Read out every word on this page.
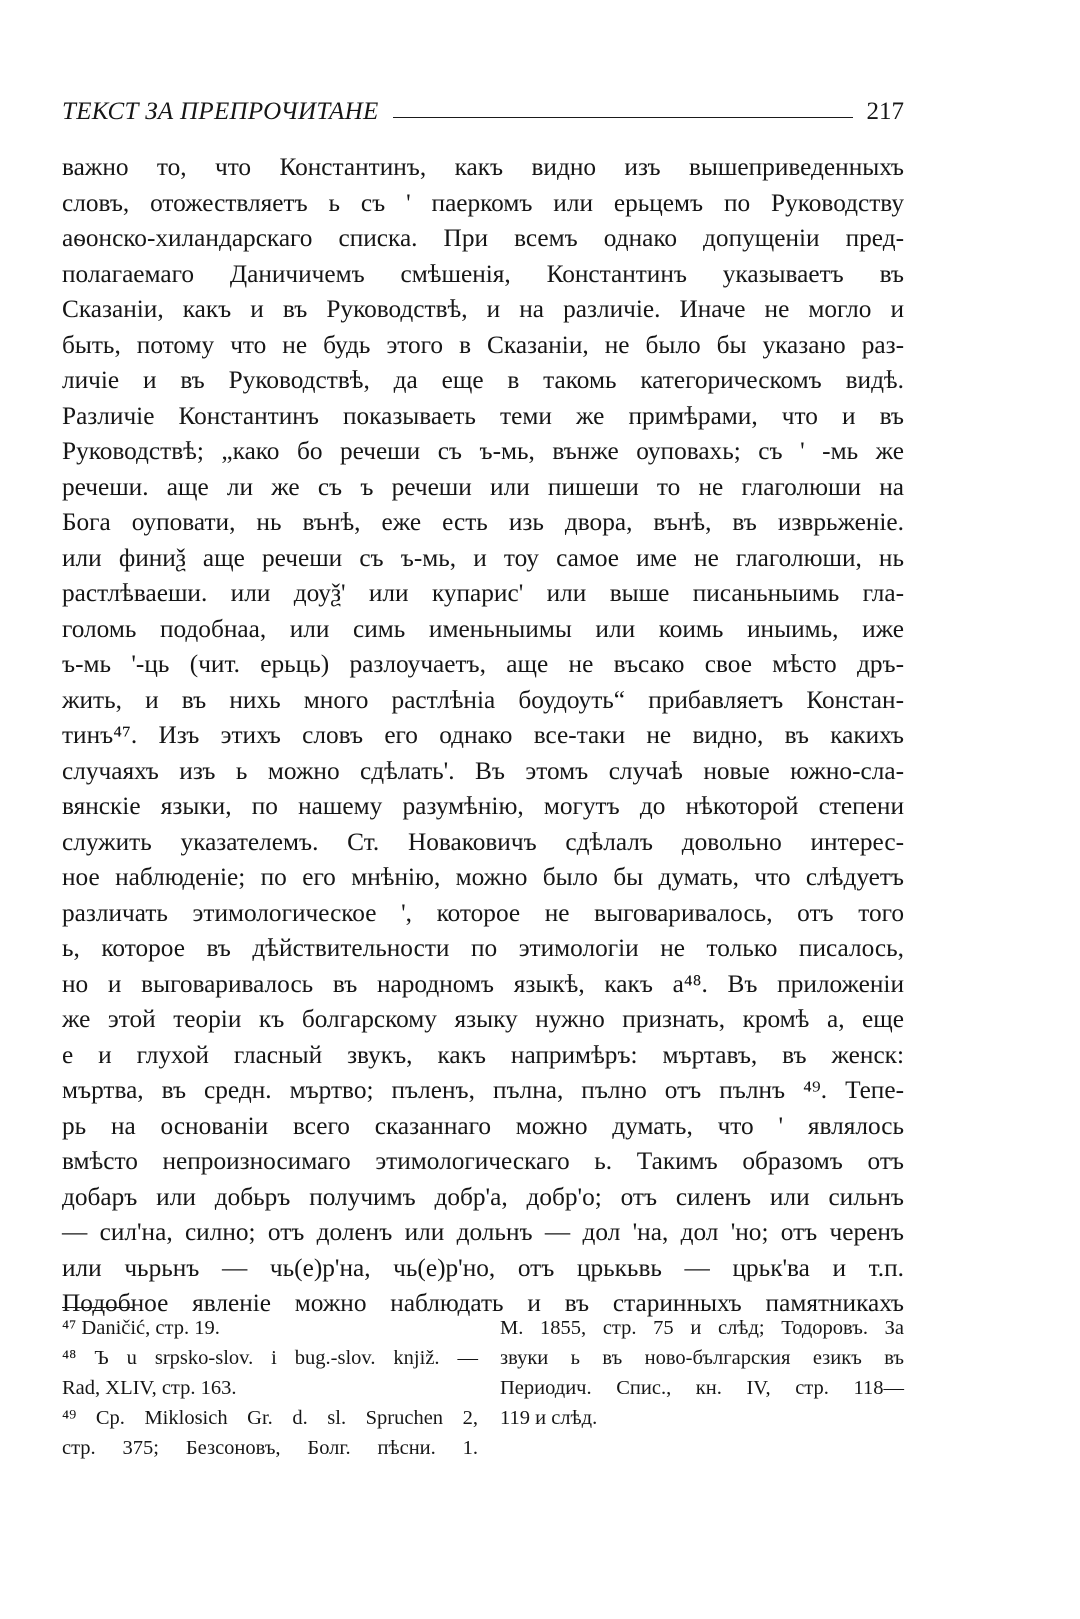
ТЕКСТ ЗА ПРЕПРОЧИТАНЕ	217
важно то, что Константинъ, какъ видно изъ вышеприведенныхъ
словъ, отожествляетъ ь съ ' паеркомъ или ерьцемъ по Руководству
аѳонско-хиландарскаго списка. При всемъ однако допущенiи пред-
полагаемаго Даничичемъ смѣшенiя, Константинъ указываетъ въ
Сказанiи, какъ и въ Руководствѣ, и на различiе. Иначе не могло и
быть, потому что не будь этого в Сказанiи, не было бы указано раз-
личiе и въ Руководствѣ, да еще в такомь категорическомъ видѣ.
Различiе Константинъ показываеть теми же примѣрами, что и въ
Руководствѣ; „како бо речеши съ ъ-мь, вънже оуповахь; съ ' -мь же
речеши. аще ли же съ ъ речеши или пишеши то не глаголюши на
Бога оуповати, нь вънѣ, еже есть изь двора, вънѣ, въ изврьженiе.
или финиѯ аще речеши съ ъ-мь, и тоу самое име не глаголюши, нь
растлѣваеши. или доуѯ' или купарис' или выше писаньныимь гла-
голомь подобнаа, или симь именьныимы или коимь иныимь, иже
ъ-мь '-ць (чит. ерьць) разлоучаетъ, аще не въсако свое мѣсто дръ-
жить, и въ нихь много растлѣнiа боудоуть“ прибавляетъ Констан-
тинъ⁴⁷. Изъ этихъ словъ его однако все-таки не видно, въ какихъ
случаяхъ изъ ь можно сдѣлать'. Въ этомъ случаѣ новые южно-сла-
вянскiе языки, по нашему разумѣнiю, могутъ до нѣкоторой степени
служить указателемъ. Ст. Новаковичъ сдѣлалъ довольно интерес-
ное наблюденiе; по его мнѣнiю, можно было бы думать, что слѣдуетъ
различать этимологическое ', которое не выговаривалось, отъ того
ь, которое въ дѣйствительности по этимологiи не только писалось,
но и выговаривалось въ народномъ языкѣ, какъ а⁴⁸. Въ приложенiи
же этой теорiи къ болгарскому языку нужно признать, кромѣ а, еще
е и глухой гласный звукъ, какъ напримѣръ: мъртавъ, въ женск:
мъртва, въ средн. мъртво; пъленъ, пълна, пълно отъ пълнъ ⁴⁹. Тепе-
рь на основанiи всего сказаннаго можно думать, что ' являлось
вмѣсто непроизносимаго этимологическаго ь. Такимъ образомъ отъ
добаръ или добьръ получимъ добр'а, добр'о; отъ силенъ или сильнъ
— сил'на, силно; отъ доленъ или дольнъ — дол 'на, дол 'но; отъ черенъ
или чьрьнъ — чь(е)р'на, чь(е)р'но, отъ црькьвь — црьк'ва и т.п.
Подобное явленiе можно наблюдать и въ старинныхъ памятникахъ
⁴⁷ Daničić, стр. 19.
⁴⁸ Ъ u srpsko-slov. i bug.-slov. knjiž. —
Rad, XLIV, стр. 163.
⁴⁹ Ср. Miklosich Gr. d. sl. Spruchen 2,
стр. 375; Безсоновъ, Болг. пѣсни. 1.
М. 1855, стр. 75 и слѣд; Тодоровъ. За
звуки ь въ ново-българския езикъ въ
Периодич. Спис., кн. IV, стр. 118—
119 и слѣд.
